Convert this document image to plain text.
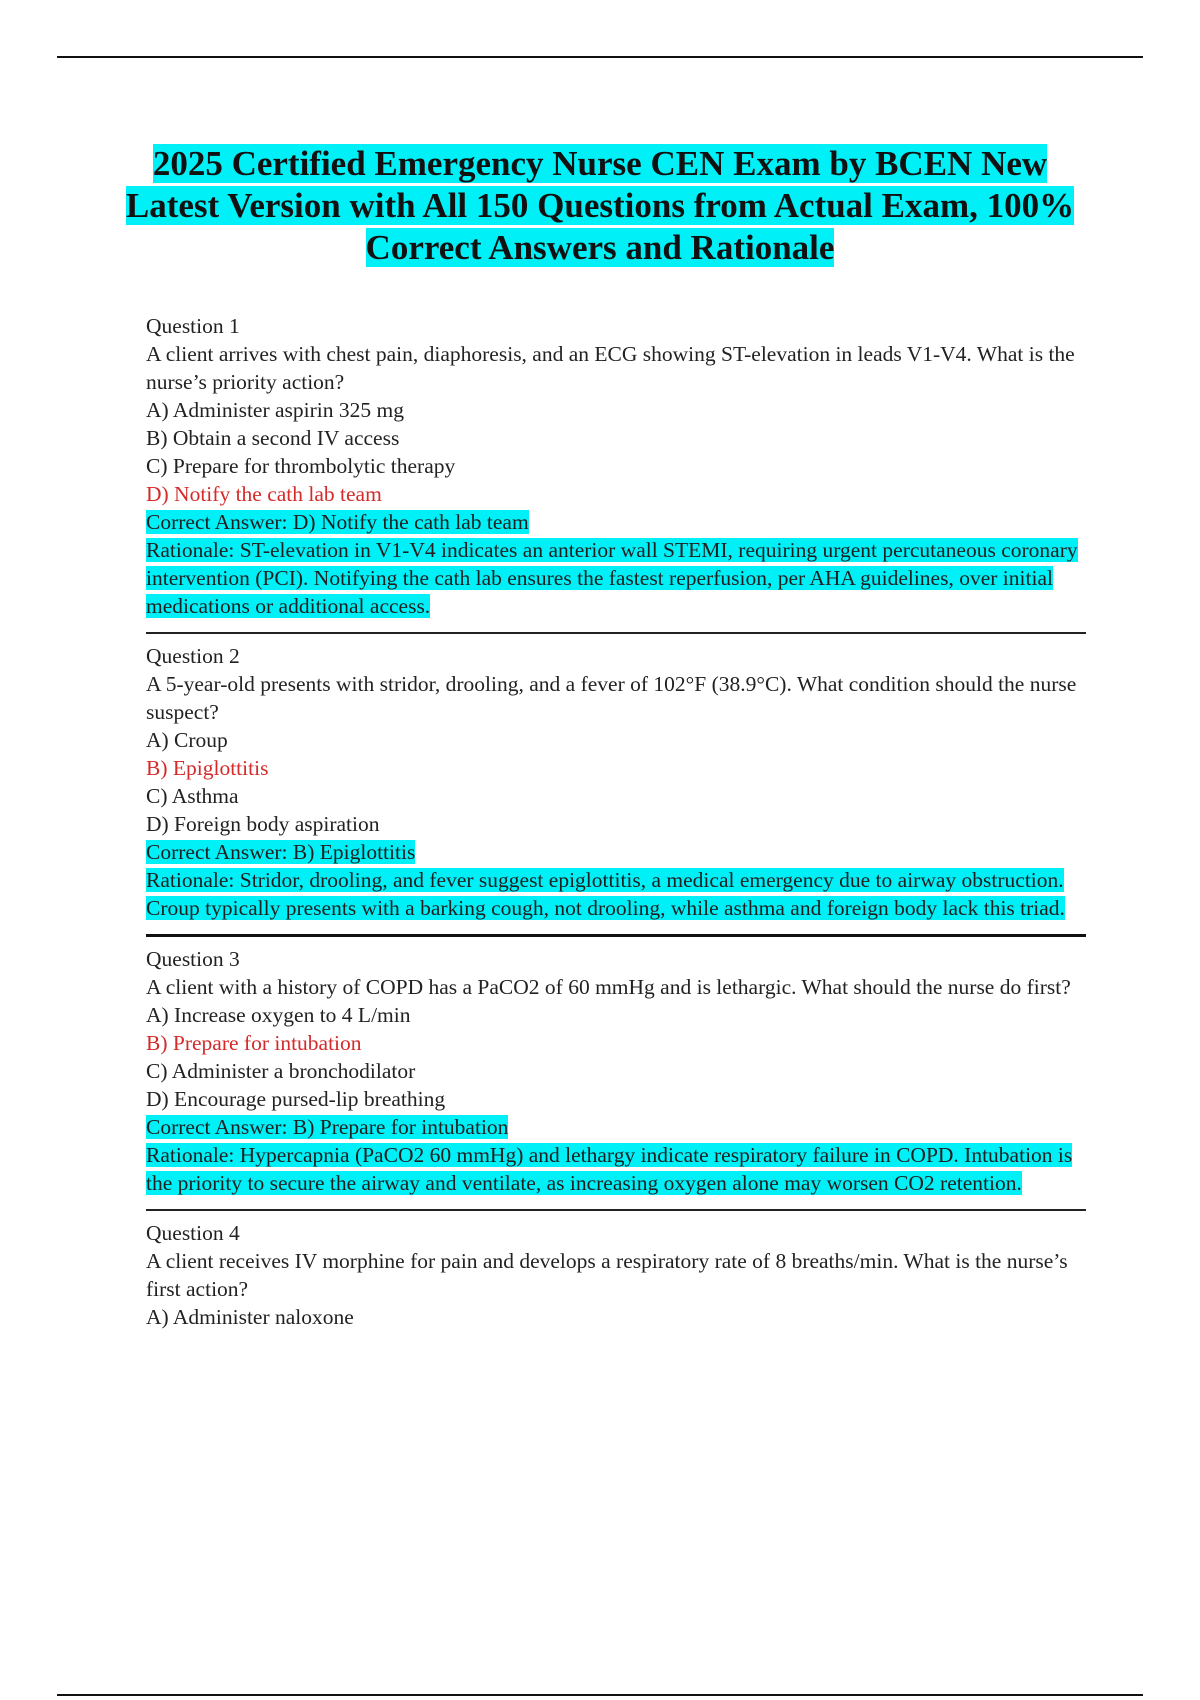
2025 Certified Emergency Nurse CEN Exam by BCEN New Latest Version with All 150 Questions from Actual Exam, 100% Correct Answers and Rationale

Question 1

A client arrives with chest pain, diaphoresis, and an ECG showing ST-elevation in leads V1-V4. What is the nurse’s priority action?

A) Administer aspirin 325 mg

B) Obtain a second IV access

C) Prepare for thrombolytic therapy

D) Notify the cath lab team

Correct Answer: D) Notify the cath lab team

Rationale: ST-elevation in V1-V4 indicates an anterior wall STEMI, requiring urgent percutaneous coronary intervention (PCI). Notifying the cath lab ensures the fastest reperfusion, per AHA guidelines, over initial medications or additional access.

Question 2

A 5-year-old presents with stridor, drooling, and a fever of 102°F (38.9°C). What condition should the nurse suspect?

A) Croup

B) Epiglottitis

C) Asthma

D) Foreign body aspiration

Correct Answer: B) Epiglottitis

Rationale: Stridor, drooling, and fever suggest epiglottitis, a medical emergency due to airway obstruction. Croup typically presents with a barking cough, not drooling, while asthma and foreign body lack this triad.

Question 3

A client with a history of COPD has a PaCO2 of 60 mmHg and is lethargic. What should the nurse do first?

A) Increase oxygen to 4 L/min

B) Prepare for intubation

C) Administer a bronchodilator

D) Encourage pursed-lip breathing

Correct Answer: B) Prepare for intubation

Rationale: Hypercapnia (PaCO2 60 mmHg) and lethargy indicate respiratory failure in COPD. Intubation is the priority to secure the airway and ventilate, as increasing oxygen alone may worsen CO2 retention.

Question 4

A client receives IV morphine for pain and develops a respiratory rate of 8 breaths/min. What is the nurse’s first action?

A) Administer naloxone
